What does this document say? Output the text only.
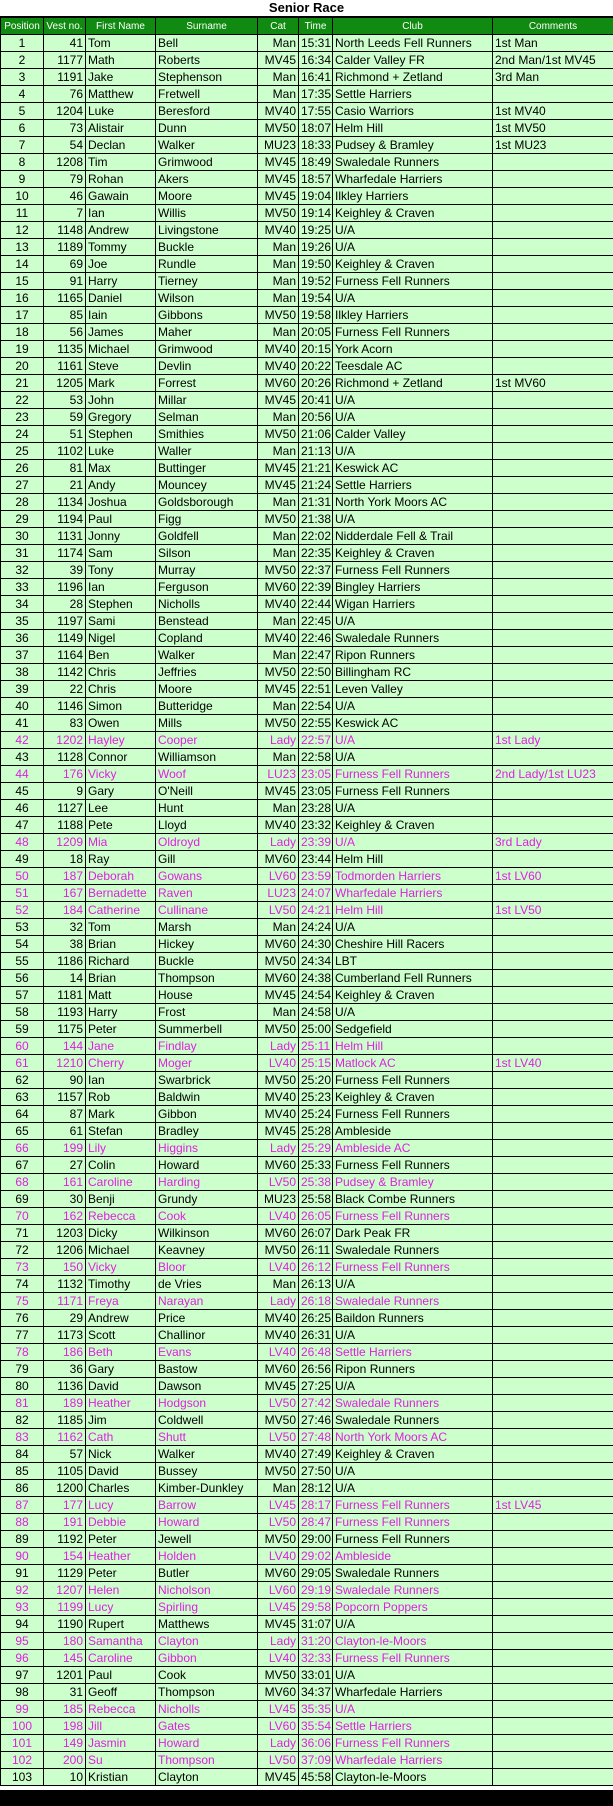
Senior Race
Position	Vest no.	First Name	Surname	Cat	Time	Club	Comments
1	41	Tom	Bell	Man	15:31	North Leeds Fell Runners	1st Man
2	1177	Math	Roberts	MV45	16:34	Calder Valley FR	2nd Man/1st MV45
3	1191	Jake	Stephenson	Man	16:41	Richmond + Zetland	3rd Man
4	76	Matthew	Fretwell	Man	17:35	Settle Harriers	
5	1204	Luke	Beresford	MV40	17:55	Casio Warriors	1st MV40
6	73	Alistair	Dunn	MV50	18:07	Helm Hill	1st MV50
7	54	Declan	Walker	MU23	18:33	Pudsey & Bramley	1st MU23
8	1208	Tim	Grimwood	MV45	18:49	Swaledale Runners	
9	79	Rohan	Akers	MV45	18:57	Wharfedale Harriers	
10	46	Gawain	Moore	MV45	19:04	Ilkley Harriers	
11	7	Ian	Willis	MV50	19:14	Keighley & Craven	
12	1148	Andrew	Livingstone	MV40	19:25	U/A	
13	1189	Tommy	Buckle	Man	19:26	U/A	
14	69	Joe	Rundle	Man	19:50	Keighley & Craven	
15	91	Harry	Tierney	Man	19:52	Furness Fell Runners	
16	1165	Daniel	Wilson	Man	19:54	U/A	
17	85	Iain	Gibbons	MV50	19:58	Ilkley Harriers	
18	56	James	Maher	Man	20:05	Furness Fell Runners	
19	1135	Michael	Grimwood	MV40	20:15	York Acorn	
20	1161	Steve	Devlin	MV40	20:22	Teesdale AC	
21	1205	Mark	Forrest	MV60	20:26	Richmond + Zetland	1st MV60
22	53	John	Millar	MV45	20:41	U/A	
23	59	Gregory	Selman	Man	20:56	U/A	
24	51	Stephen	Smithies	MV50	21:06	Calder Valley	
25	1102	Luke	Waller	Man	21:13	U/A	
26	81	Max	Buttinger	MV45	21:21	Keswick AC	
27	21	Andy	Mouncey	MV45	21:24	Settle Harriers	
28	1134	Joshua	Goldsborough	Man	21:31	North York Moors AC	
29	1194	Paul	Figg	MV50	21:38	U/A	
30	1131	Jonny	Goldfell	Man	22:02	Nidderdale Fell & Trail	
31	1174	Sam	Silson	Man	22:35	Keighley & Craven	
32	39	Tony	Murray	MV50	22:37	Furness Fell Runners	
33	1196	Ian	Ferguson	MV60	22:39	Bingley Harriers	
34	28	Stephen	Nicholls	MV40	22:44	Wigan Harriers	
35	1197	Sami	Benstead	Man	22:45	U/A	
36	1149	Nigel	Copland	MV40	22:46	Swaledale Runners	
37	1164	Ben	Walker	Man	22:47	Ripon Runners	
38	1142	Chris	Jeffries	MV50	22:50	Billingham RC	
39	22	Chris	Moore	MV45	22:51	Leven Valley	
40	1146	Simon	Butteridge	Man	22:54	U/A	
41	83	Owen	Mills	MV50	22:55	Keswick AC	
42	1202	Hayley	Cooper	Lady	22:57	U/A	1st Lady
43	1128	Connor	Williamson	Man	22:58	U/A	
44	176	Vicky	Woof	LU23	23:05	Furness Fell Runners	2nd Lady/1st LU23
45	9	Gary	O'Neill	MV45	23:05	Furness Fell Runners	
46	1127	Lee	Hunt	Man	23:28	U/A	
47	1188	Pete	Lloyd	MV40	23:32	Keighley & Craven	
48	1209	Mia	Oldroyd	Lady	23:39	U/A	3rd Lady
49	18	Ray	Gill	MV60	23:44	Helm Hill	
50	187	Deborah	Gowans	LV60	23:59	Todmorden Harriers	1st LV60
51	167	Bernadette	Raven	LU23	24:07	Wharfedale Harriers	
52	184	Catherine	Cullinane	LV50	24:21	Helm Hill	1st LV50
53	32	Tom	Marsh	Man	24:24	U/A	
54	38	Brian	Hickey	MV60	24:30	Cheshire Hill Racers	
55	1186	Richard	Buckle	MV50	24:34	LBT	
56	14	Brian	Thompson	MV60	24:38	Cumberland Fell Runners	
57	1181	Matt	House	MV45	24:54	Keighley & Craven	
58	1193	Harry	Frost	Man	24:58	U/A	
59	1175	Peter	Summerbell	MV50	25:00	Sedgefield	
60	144	Jane	Findlay	Lady	25:11	Helm Hill	
61	1210	Cherry	Moger	LV40	25:15	Matlock AC	1st LV40
62	90	Ian	Swarbrick	MV50	25:20	Furness Fell Runners	
63	1157	Rob	Baldwin	MV40	25:23	Keighley & Craven	
64	87	Mark	Gibbon	MV40	25:24	Furness Fell Runners	
65	61	Stefan	Bradley	MV45	25:28	Ambleside	
66	199	Lily	Higgins	Lady	25:29	Ambleside AC	
67	27	Colin	Howard	MV60	25:33	Furness Fell Runners	
68	161	Caroline	Harding	LV50	25:38	Pudsey & Bramley	
69	30	Benji	Grundy	MU23	25:58	Black Combe Runners	
70	162	Rebecca	Cook	LV40	26:05	Furness Fell Runners	
71	1203	Dicky	Wilkinson	MV60	26:07	Dark Peak FR	
72	1206	Michael	Keavney	MV50	26:11	Swaledale Runners	
73	150	Vicky	Bloor	LV40	26:12	Furness Fell Runners	
74	1132	Timothy	de Vries	Man	26:13	U/A	
75	1171	Freya	Narayan	Lady	26:18	Swaledale Runners	
76	29	Andrew	Price	MV40	26:25	Baildon Runners	
77	1173	Scott	Challinor	MV40	26:31	U/A	
78	186	Beth	Evans	LV40	26:48	Settle Harriers	
79	36	Gary	Bastow	MV60	26:56	Ripon Runners	
80	1136	David	Dawson	MV45	27:25	U/A	
81	189	Heather	Hodgson	LV50	27:42	Swaledale Runners	
82	1185	Jim	Coldwell	MV50	27:46	Swaledale Runners	
83	1162	Cath	Shutt	LV50	27:48	North York Moors AC	
84	57	Nick	Walker	MV40	27:49	Keighley & Craven	
85	1105	David	Bussey	MV50	27:50	U/A	
86	1200	Charles	Kimber-Dunkley	Man	28:12	U/A	
87	177	Lucy	Barrow	LV45	28:17	Furness Fell Runners	1st LV45
88	191	Debbie	Howard	LV50	28:47	Furness Fell Runners	
89	1192	Peter	Jewell	MV50	29:00	Furness Fell Runners	
90	154	Heather	Holden	LV40	29:02	Ambleside	
91	1129	Peter	Butler	MV60	29:05	Swaledale Runners	
92	1207	Helen	Nicholson	LV60	29:19	Swaledale Runners	
93	1199	Lucy	Spirling	LV45	29:58	Popcorn Poppers	
94	1190	Rupert	Matthews	MV45	31:07	U/A	
95	180	Samantha	Clayton	Lady	31:20	Clayton-le-Moors	
96	145	Caroline	Gibbon	LV40	32:33	Furness Fell Runners	
97	1201	Paul	Cook	MV50	33:01	U/A	
98	31	Geoff	Thompson	MV60	34:37	Wharfedale Harriers	
99	185	Rebecca	Nicholls	LV45	35:35	U/A	
100	198	Jill	Gates	LV60	35:54	Settle Harriers	
101	149	Jasmin	Howard	Lady	36:06	Furness Fell Runners	
102	200	Su	Thompson	LV50	37:09	Wharfedale Harriers	
103	10	Kristian	Clayton	MV45	45:58	Clayton-le-Moors	
